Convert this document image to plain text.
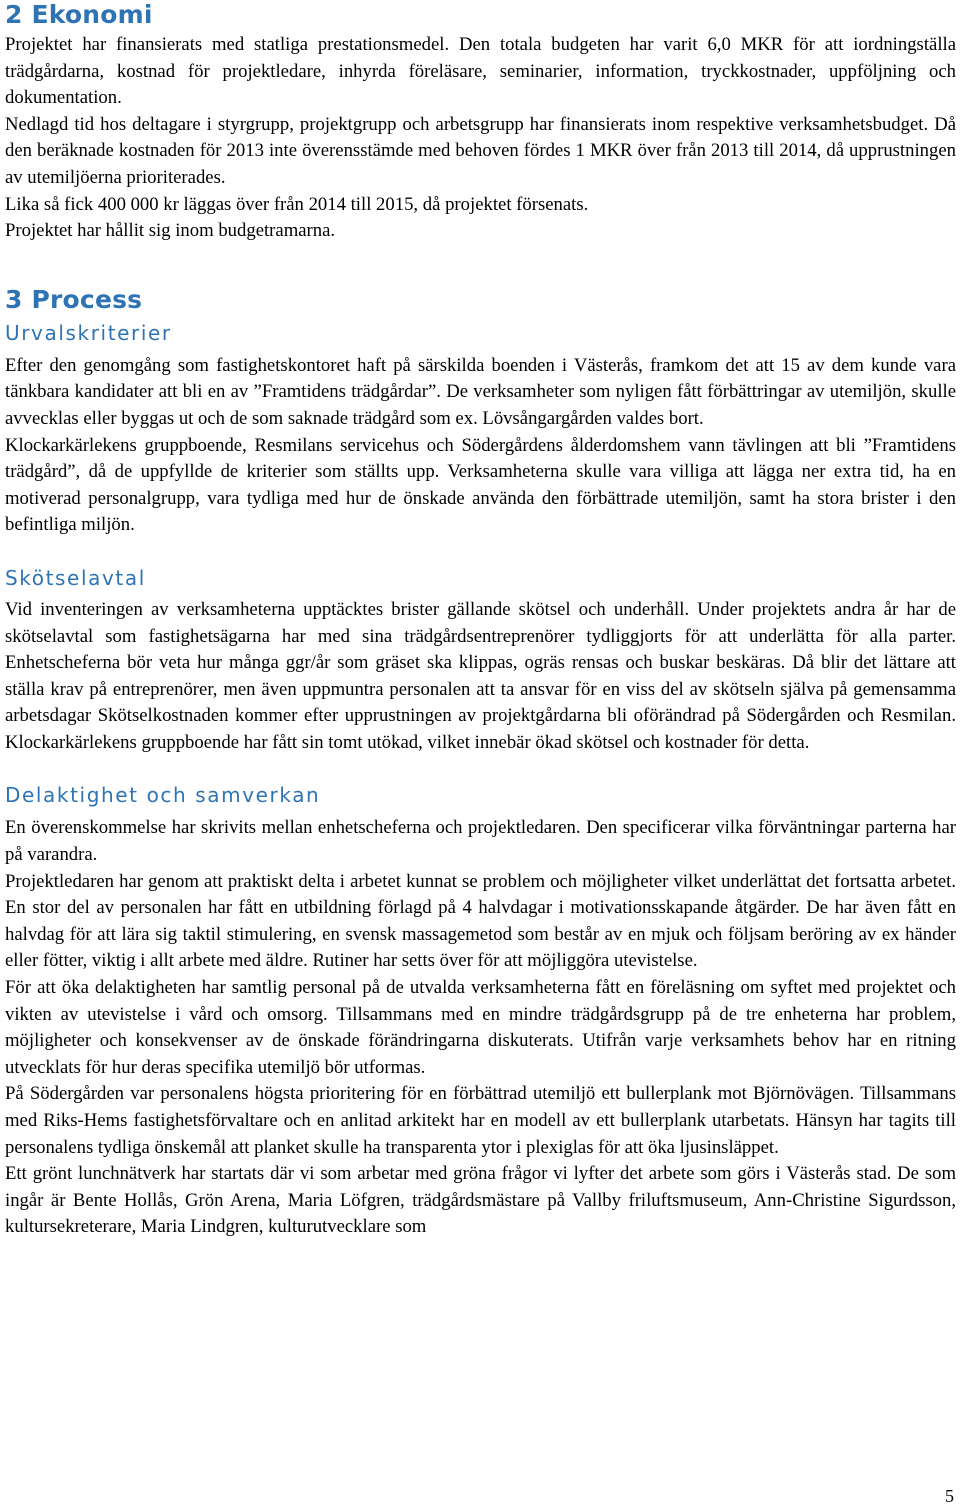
2 Ekonomi

Projektet har finansierats med statliga prestationsmedel. Den totala budgeten har varit 6,0 MKR för att iordningställa trädgårdarna, kostnad för projektledare, inhyrda föreläsare, seminarier, information, tryckkostnader, uppföljning och dokumentation.

Nedlagd tid hos deltagare i styrgrupp, projektgrupp och arbetsgrupp har finansierats inom respektive verksamhetsbudget. Då den beräknade kostnaden för 2013 inte överensstämde med behoven fördes 1 MKR över från 2013 till 2014, då upprustningen av utemiljöerna prioriterades.

Lika så fick 400 000 kr läggas över från 2014 till 2015, då projektet försenats.

Projektet har hållit sig inom budgetramarna.

3 Process
Urvalskriterier

Efter den genomgång som fastighetskontoret haft på särskilda boenden i Västerås, framkom det att 15 av dem kunde vara tänkbara kandidater att bli en av ”Framtidens trädgårdar”. De verksamheter som nyligen fått förbättringar av utemiljön, skulle avvecklas eller byggas ut och de som saknade trädgård som ex. Lövsångargården valdes bort.

Klockarkärlekens gruppboende, Resmilans servicehus och Södergårdens ålderdomshem vann tävlingen att bli ”Framtidens trädgård”, då de uppfyllde de kriterier som ställts upp. Verksamheterna skulle vara villiga att lägga ner extra tid, ha en motiverad personalgrupp, vara tydliga med hur de önskade använda den förbättrade utemiljön, samt ha stora brister i den befintliga miljön.

Skötselavtal

Vid inventeringen av verksamheterna upptäcktes brister gällande skötsel och underhåll. Under projektets andra år har de skötselavtal som fastighetsägarna har med sina trädgårdsentreprenörer tydliggjorts för att underlätta för alla parter. Enhetscheferna bör veta hur många ggr/år som gräset ska klippas, ogräs rensas och buskar beskäras. Då blir det lättare att ställa krav på entreprenörer, men även uppmuntra personalen att ta ansvar för en viss del av skötseln själva på gemensamma arbetsdagar Skötselkostnaden kommer efter upprustningen av projektgårdarna bli oförändrad på Södergården och Resmilan. Klockarkärlekens gruppboende har fått sin tomt utökad, vilket innebär ökad skötsel och kostnader för detta.

Delaktighet och samverkan

En överenskommelse har skrivits mellan enhetscheferna och projektledaren. Den specificerar vilka förväntningar parterna har på varandra.

Projektledaren har genom att praktiskt delta i arbetet kunnat se problem och möjligheter vilket underlättat det fortsatta arbetet. En stor del av personalen har fått en utbildning förlagd på 4 halvdagar i motivationsskapande åtgärder. De har även fått en halvdag för att lära sig taktil stimulering, en svensk massagemetod som består av en mjuk och följsam beröring av ex händer eller fötter, viktig i allt arbete med äldre. Rutiner har setts över för att möjliggöra utevistelse.

För att öka delaktigheten har samtlig personal på de utvalda verksamheterna fått en föreläsning om syftet med projektet och vikten av utevistelse i vård och omsorg. Tillsammans med en mindre trädgårdsgrupp på de tre enheterna har problem, möjligheter och konsekvenser av de önskade förändringarna diskuterats. Utifrån varje verksamhets behov har en ritning utvecklats för hur deras specifika utemiljö bör utformas.

På Södergården var personalens högsta prioritering för en förbättrad utemiljö ett bullerplank mot Björnövägen. Tillsammans med Riks-Hems fastighetsförvaltare och en anlitad arkitekt har en modell av ett bullerplank utarbetats. Hänsyn har tagits till personalens tydliga önskemål att planket skulle ha transparenta ytor i plexiglas för att öka ljusinsläppet.

Ett grönt lunchnätverk har startats där vi som arbetar med gröna frågor vi lyfter det arbete som görs i Västerås stad. De som ingår är Bente Hollås, Grön Arena, Maria Löfgren, trädgårdsmästare på Vallby friluftsmuseum, Ann-Christine Sigurdsson, kultursekreterare, Maria Lindgren, kulturutvecklare som

5
